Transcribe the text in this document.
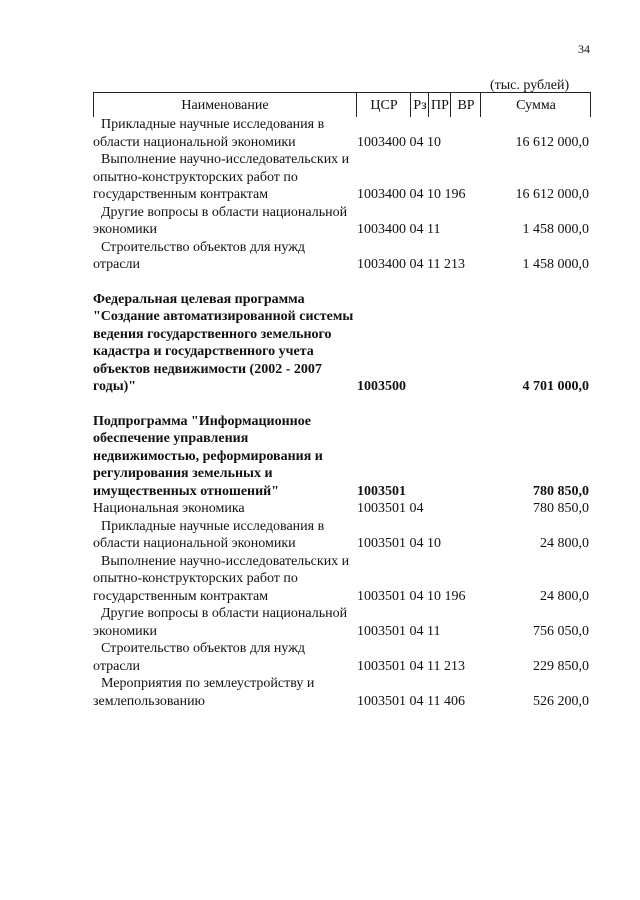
34
(тыс. рублей)
Наименование	ЦСР	Рз ПР ВР	Сумма
Прикладные научные исследования в области национальной экономики	1003400 04 10	16 612 000,0
Выполнение научно-исследовательских и опытно-конструкторских работ по государственным контрактам	1003400 04 10 196	16 612 000,0
Другие вопросы в области национальной экономики	1003400 04 11	1 458 000,0
Строительство объектов для нужд отрасли	1003400 04 11 213	1 458 000,0
Федеральная целевая программа "Создание автоматизированной системы ведения государственного земельного кадастра и государственного учета объектов недвижимости (2002 - 2007 годы)"	1003500	4 701 000,0
Подпрограмма "Информационное обеспечение управления недвижимостью, реформирования и регулирования земельных и имущественных отношений"	1003501	780 850,0
Национальная экономика	1003501 04	780 850,0
Прикладные научные исследования в области национальной экономики	1003501 04 10	24 800,0
Выполнение научно-исследовательских и опытно-конструкторских работ по государственным контрактам	1003501 04 10 196	24 800,0
Другие вопросы в области национальной экономики	1003501 04 11	756 050,0
Строительство объектов для нужд отрасли	1003501 04 11 213	229 850,0
Мероприятия по землеустройству и землепользованию	1003501 04 11 406	526 200,0
